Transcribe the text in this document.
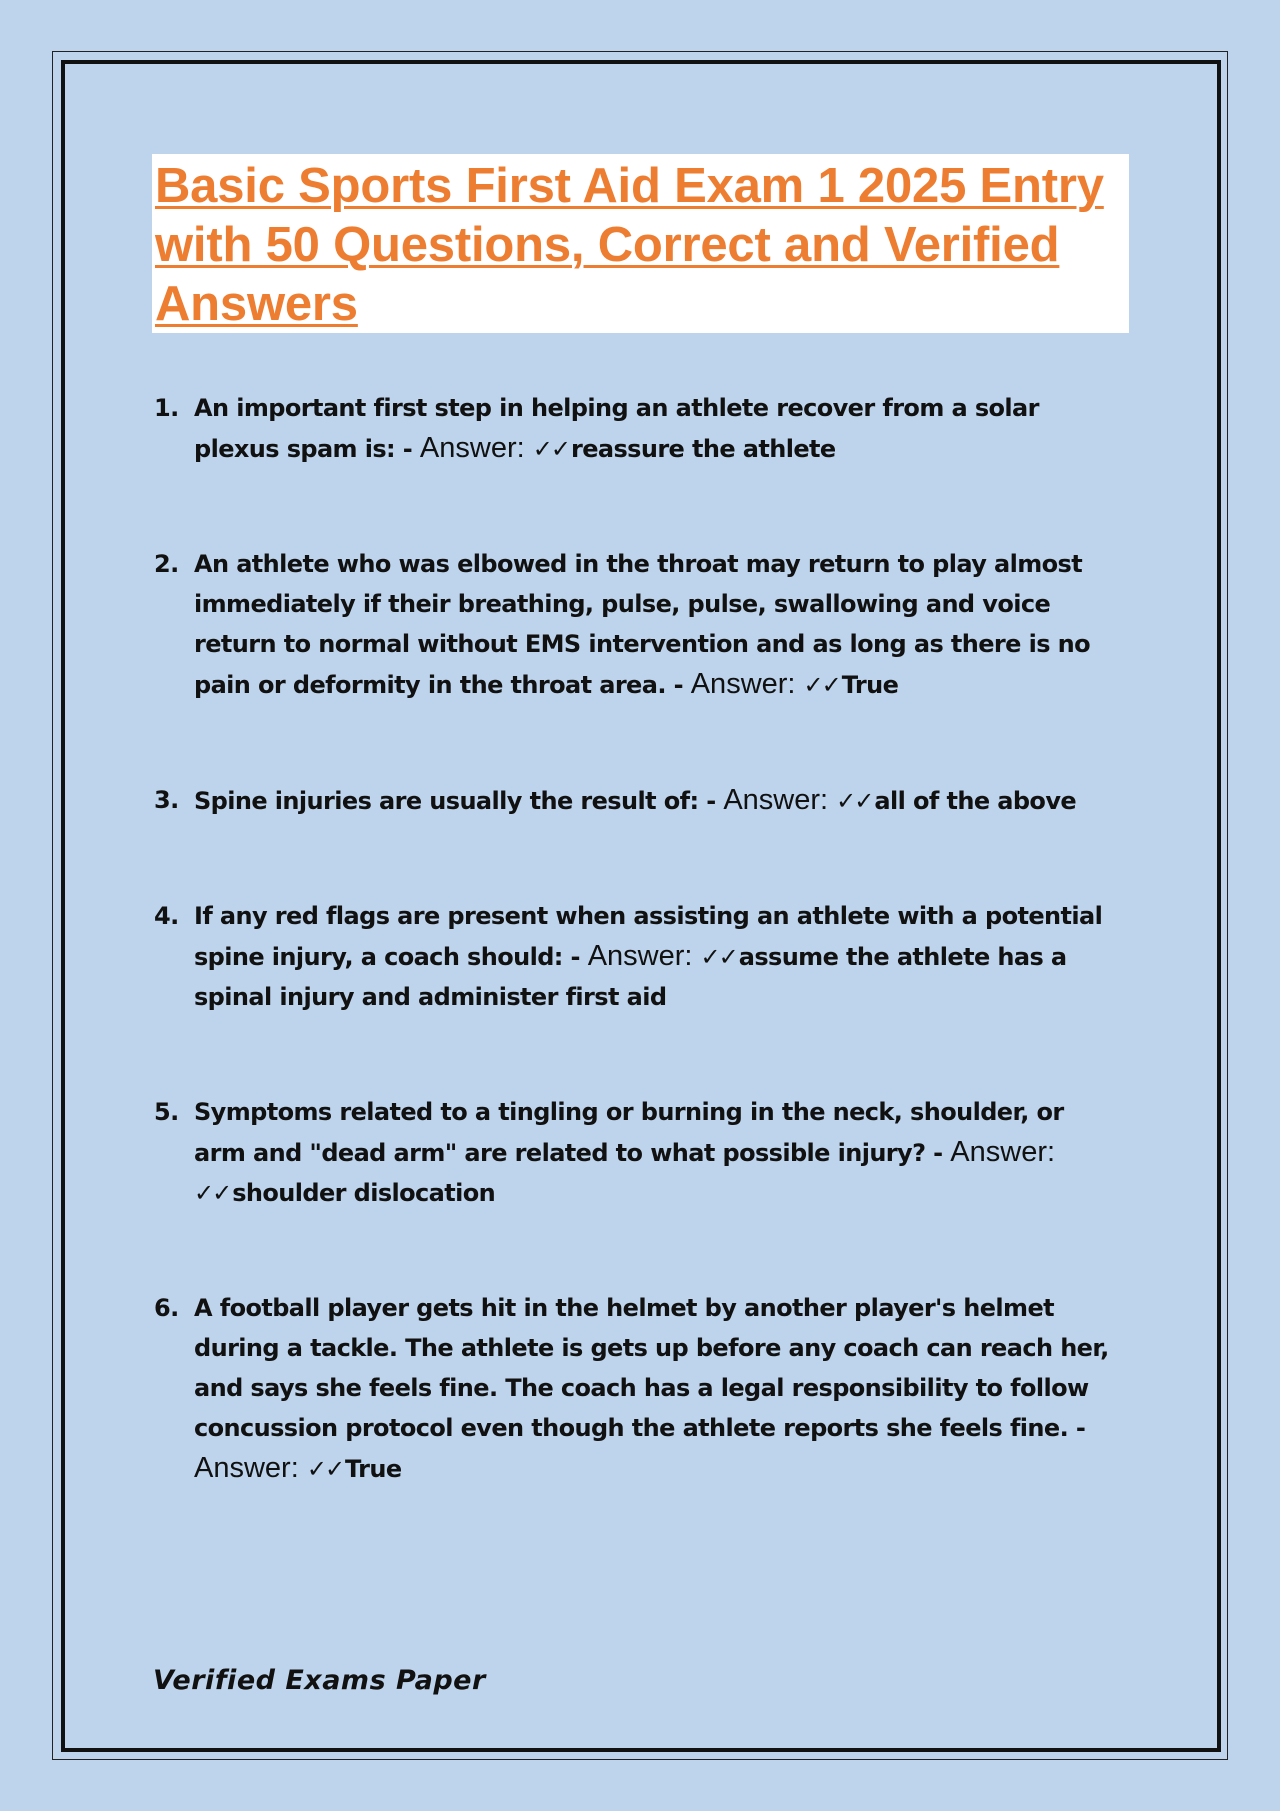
Basic Sports First Aid Exam 1 2025 Entry with 50 Questions, Correct and Verified Answers
1. An important first step in helping an athlete recover from a solar plexus spam is: - Answer: ✓✓reassure the athlete
2. An athlete who was elbowed in the throat may return to play almost immediately if their breathing, pulse, pulse, swallowing and voice return to normal without EMS intervention and as long as there is no pain or deformity in the throat area. - Answer: ✓✓True
3. Spine injuries are usually the result of: - Answer: ✓✓all of the above
4. If any red flags are present when assisting an athlete with a potential spine injury, a coach should: - Answer: ✓✓assume the athlete has a spinal injury and administer first aid
5. Symptoms related to a tingling or burning in the neck, shoulder, or arm and "dead arm" are related to what possible injury? - Answer: ✓✓shoulder dislocation
6. A football player gets hit in the helmet by another player's helmet during a tackle. The athlete is gets up before any coach can reach her, and says she feels fine. The coach has a legal responsibility to follow concussion protocol even though the athlete reports she feels fine. - Answer: ✓✓True
Verified Exams Paper
